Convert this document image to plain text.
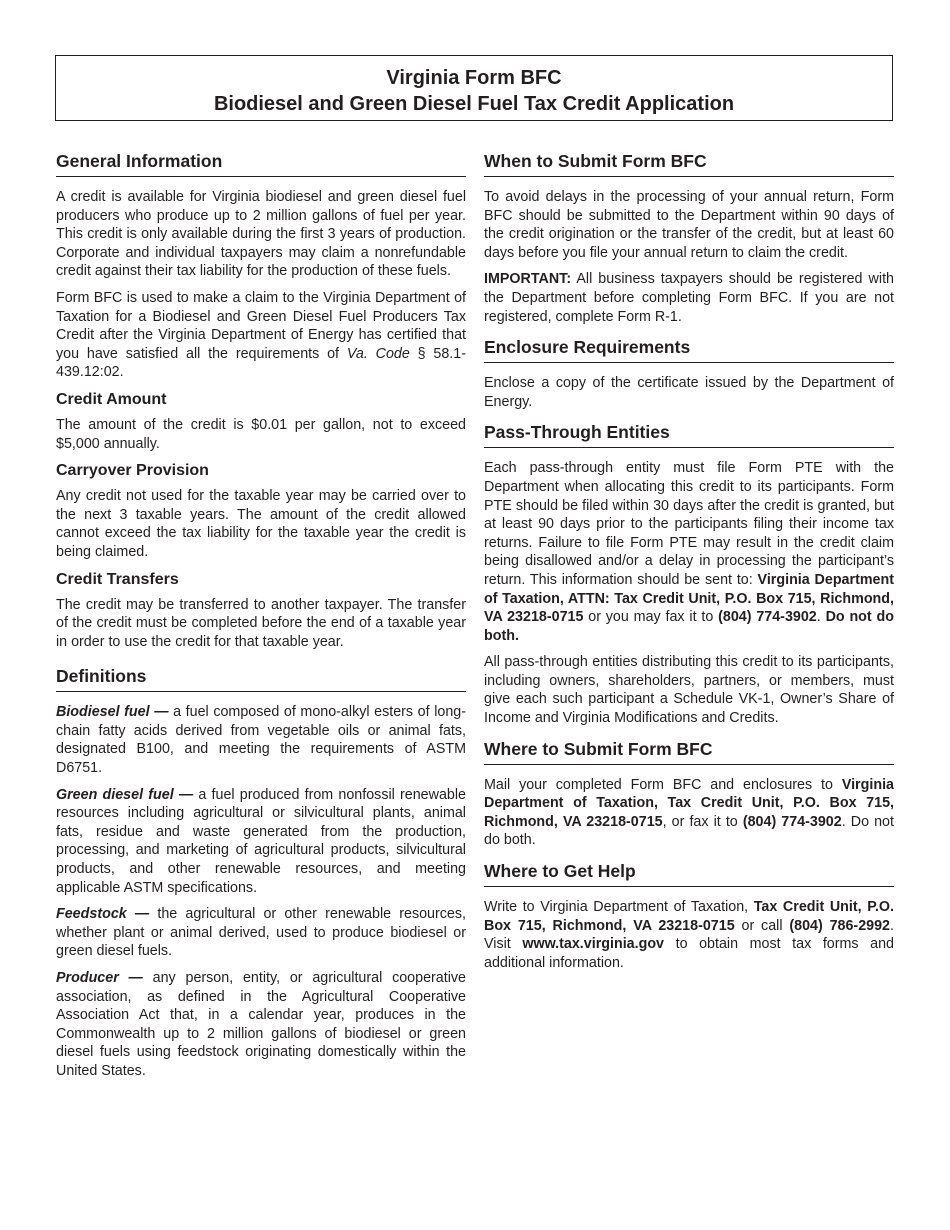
Virginia Form BFC
Biodiesel and Green Diesel Fuel Tax Credit Application
General Information

A credit is available for Virginia biodiesel and green diesel fuel producers who produce up to 2 million gallons of fuel per year. This credit is only available during the first 3 years of production. Corporate and individual taxpayers may claim a nonrefundable credit against their tax liability for the production of these fuels.

Form BFC is used to make a claim to the Virginia Department of Taxation for a Biodiesel and Green Diesel Fuel Producers Tax Credit after the Virginia Department of Energy has certified that you have satisfied all the requirements of Va. Code § 58.1-439.12:02.

Credit Amount

The amount of the credit is $0.01 per gallon, not to exceed $5,000 annually.

Carryover Provision

Any credit not used for the taxable year may be carried over to the next 3 taxable years. The amount of the credit allowed cannot exceed the tax liability for the taxable year the credit is being claimed.

Credit Transfers

The credit may be transferred to another taxpayer. The transfer of the credit must be completed before the end of a taxable year in order to use the credit for that taxable year.

Definitions

Biodiesel fuel — a fuel composed of mono-alkyl esters of long-chain fatty acids derived from vegetable oils or animal fats, designated B100, and meeting the requirements of ASTM D6751.

Green diesel fuel — a fuel produced from nonfossil renewable resources including agricultural or silvicultural plants, animal fats, residue and waste generated from the production, processing, and marketing of agricultural products, silvicultural products, and other renewable resources, and meeting applicable ASTM specifications.

Feedstock — the agricultural or other renewable resources, whether plant or animal derived, used to produce biodiesel or green diesel fuels.

Producer — any person, entity, or agricultural cooperative association, as defined in the Agricultural Cooperative Association Act that, in a calendar year, produces in the Commonwealth up to 2 million gallons of biodiesel or green diesel fuels using feedstock originating domestically within the United States.

When to Submit Form BFC

To avoid delays in the processing of your annual return, Form BFC should be submitted to the Department within 90 days of the credit origination or the transfer of the credit, but at least 60 days before you file your annual return to claim the credit.

IMPORTANT: All business taxpayers should be registered with the Department before completing Form BFC. If you are not registered, complete Form R-1.

Enclosure Requirements

Enclose a copy of the certificate issued by the Department of Energy.

Pass-Through Entities

Each pass-through entity must file Form PTE with the Department when allocating this credit to its participants. Form PTE should be filed within 30 days after the credit is granted, but at least 90 days prior to the participants filing their income tax returns. Failure to file Form PTE may result in the credit claim being disallowed and/or a delay in processing the participant’s return. This information should be sent to: Virginia Department of Taxation, ATTN: Tax Credit Unit, P.O. Box 715, Richmond, VA 23218-0715 or you may fax it to (804) 774-3902. Do not do both.

All pass-through entities distributing this credit to its participants, including owners, shareholders, partners, or members, must give each such participant a Schedule VK-1, Owner’s Share of Income and Virginia Modifications and Credits.

Where to Submit Form BFC

Mail your completed Form BFC and enclosures to Virginia Department of Taxation, Tax Credit Unit, P.O. Box 715, Richmond, VA 23218-0715, or fax it to (804) 774-3902. Do not do both.

Where to Get Help

Write to Virginia Department of Taxation, Tax Credit Unit, P.O. Box 715, Richmond, VA 23218-0715 or call (804) 786-2992. Visit www.tax.virginia.gov to obtain most tax forms and additional information.
